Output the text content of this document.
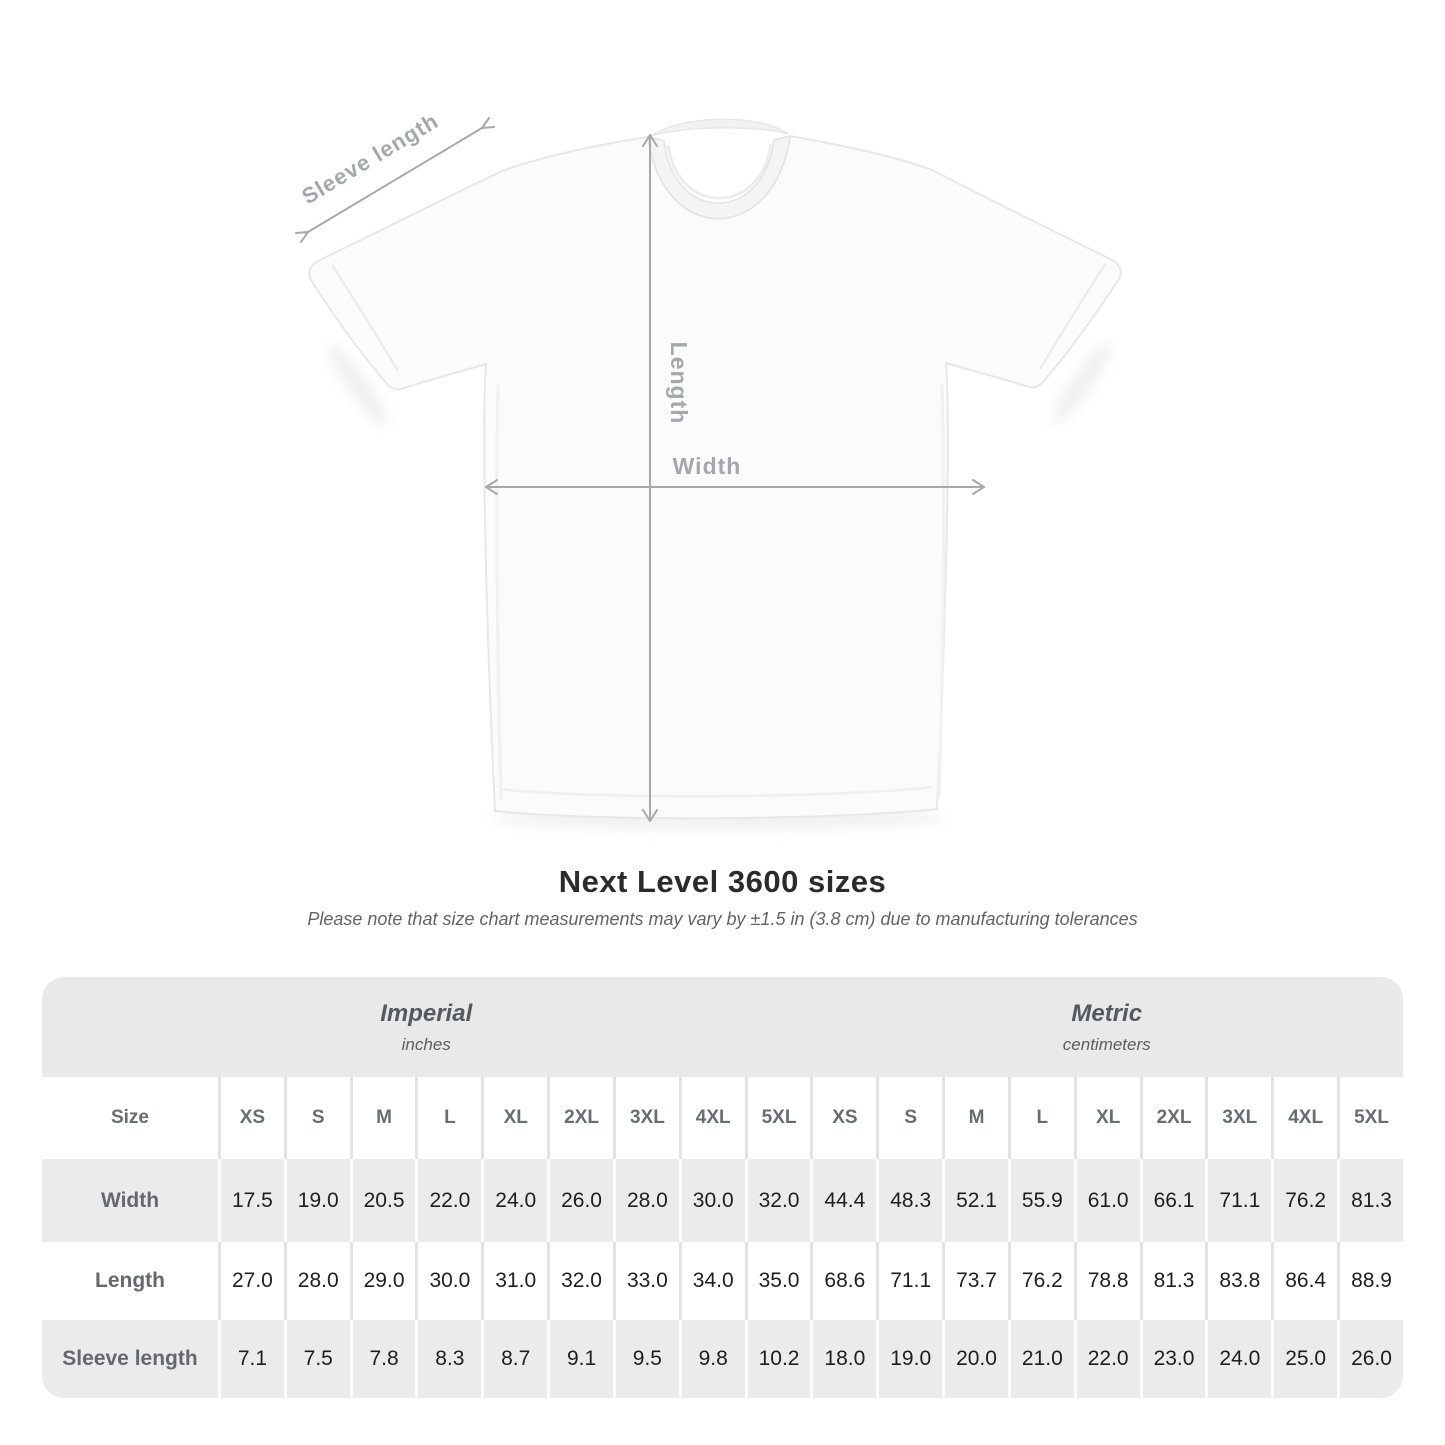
Length
Width
Sleeve length
Next Level 3600 sizes
Please note that size chart measurements may vary by ±1.5 in (3.8 cm) due to manufacturing tolerances
Imperial
inches

Metric
centimeters

Size	XS	S	M	L	XL	2XL	3XL	4XL	5XL	XS	S	M	L	XL	2XL	3XL	4XL	5XL
Width	17.5	19.0	20.5	22.0	24.0	26.0	28.0	30.0	32.0	44.4	48.3	52.1	55.9	61.0	66.1	71.1	76.2	81.3
Length	27.0	28.0	29.0	30.0	31.0	32.0	33.0	34.0	35.0	68.6	71.1	73.7	76.2	78.8	81.3	83.8	86.4	88.9
Sleeve length	7.1	7.5	7.8	8.3	8.7	9.1	9.5	9.8	10.2	18.0	19.0	20.0	21.0	22.0	23.0	24.0	25.0	26.0
